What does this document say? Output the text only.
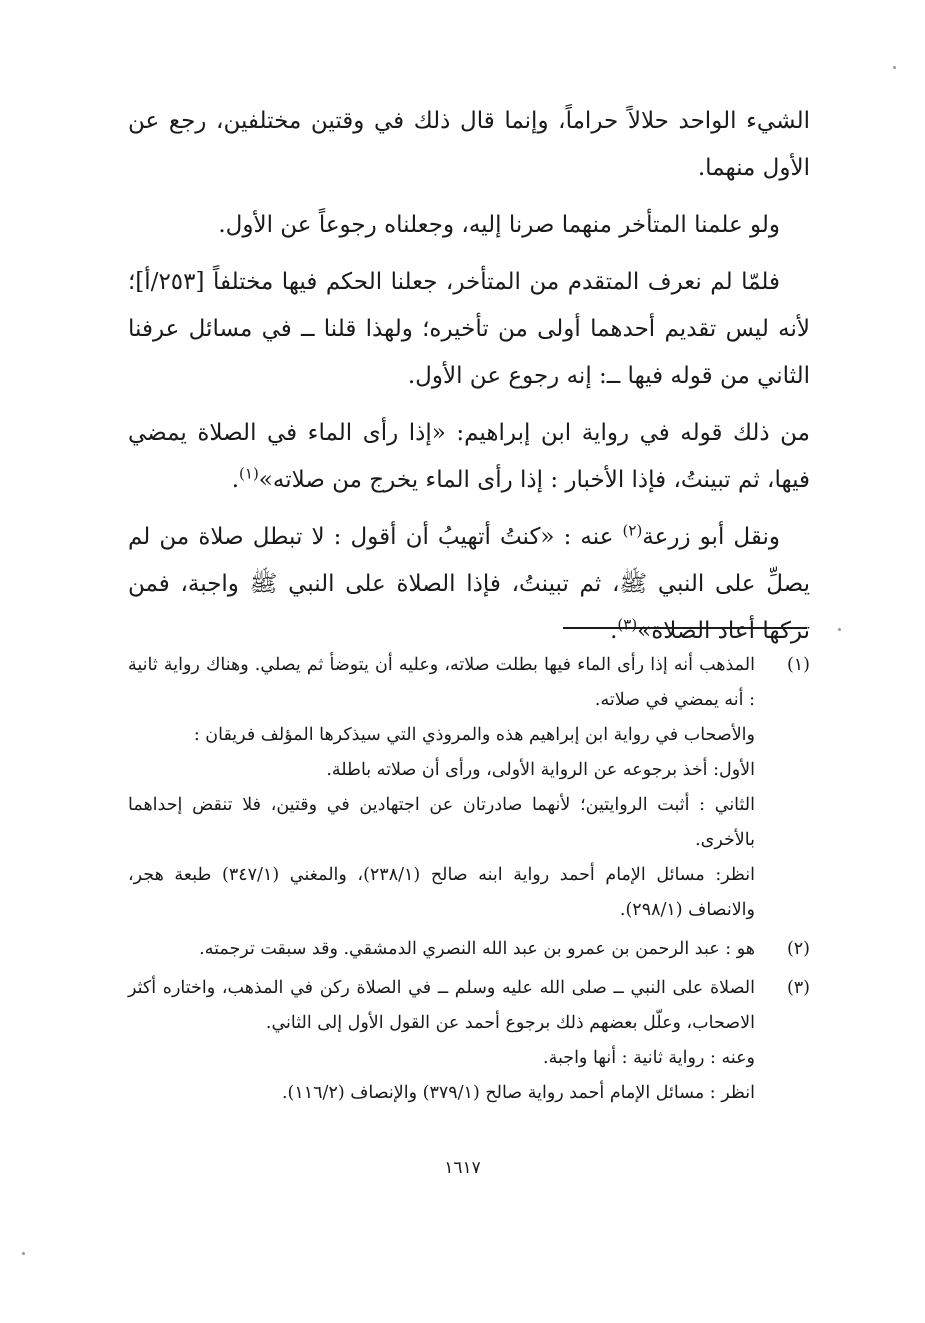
الشيء الواحد حلالاً حراماً، وإنما قال ذلك في وقتين مختلفين، رجع عن الأول منهما.

ولو علمنا المتأخر منهما صرنا إليه، وجعلناه رجوعاً عن الأول.

فلمّا لم نعرف المتقدم من المتأخر، جعلنا الحكم فيها مختلفاً [٢٥٣/أ]؛ لأنه ليس تقديم أحدهما أولى من تأخيره؛ ولهذا قلنا ــ في مسائل عرفنا الثاني من قوله فيها ــ: إنه رجوع عن الأول.

من ذلك قوله في رواية ابن إبراهيم: «إذا رأى الماء في الصلاة يمضي فيها، ثم تبينتُ، فإذا الأخبار : إذا رأى الماء يخرج من صلاته»$^{(١)}$.

ونقل أبو زرعة$^{(٢)}$ عنه : «كنتُ أتهيبُ أن أقول : لا تبطل صلاة من لم يصلِّ على النبي ﷺ، ثم تبينتُ، فإذا الصلاة على النبي ﷺ واجبة، فمن تركها أعاد الصلاة»$^{(٣)}$.

(١)

المذهب أنه إذا رأى الماء فيها بطلت صلاته، وعليه أن يتوضأ ثم يصلي. وهناك رواية ثانية : أنه يمضي في صلاته.

والأصحاب في رواية ابن إبراهيم هذه والمروذي التي سيذكرها المؤلف فريقان :

الأول: أخذ برجوعه عن الرواية الأولى، ورأى أن صلاته باطلة.

الثاني : أثبت الروايتين؛ لأنهما صادرتان عن اجتهادين في وقتين، فلا تنقض إحداهما بالأخرى.

انظر: مسائل الإمام أحمد رواية ابنه صالح (٢٣٨/١)، والمغني (٣٤٧/١) طبعة هجر، والانصاف (٢٩٨/١).

(٢)

هو : عبد الرحمن بن عمرو بن عبد الله النصري الدمشقي. وقد سبقت ترجمته.

(٣)

الصلاة على النبي ــ صلى الله عليه وسلم ــ في الصلاة ركن في المذهب، واختاره أكثر الاصحاب، وعلّل بعضهم ذلك برجوع أحمد عن القول الأول إلى الثاني.

وعنه : رواية ثانية : أنها واجبة.

انظر : مسائل الإمام أحمد رواية صالح (٣٧٩/١) والإنصاف (١١٦/٢).

١٦١٧
